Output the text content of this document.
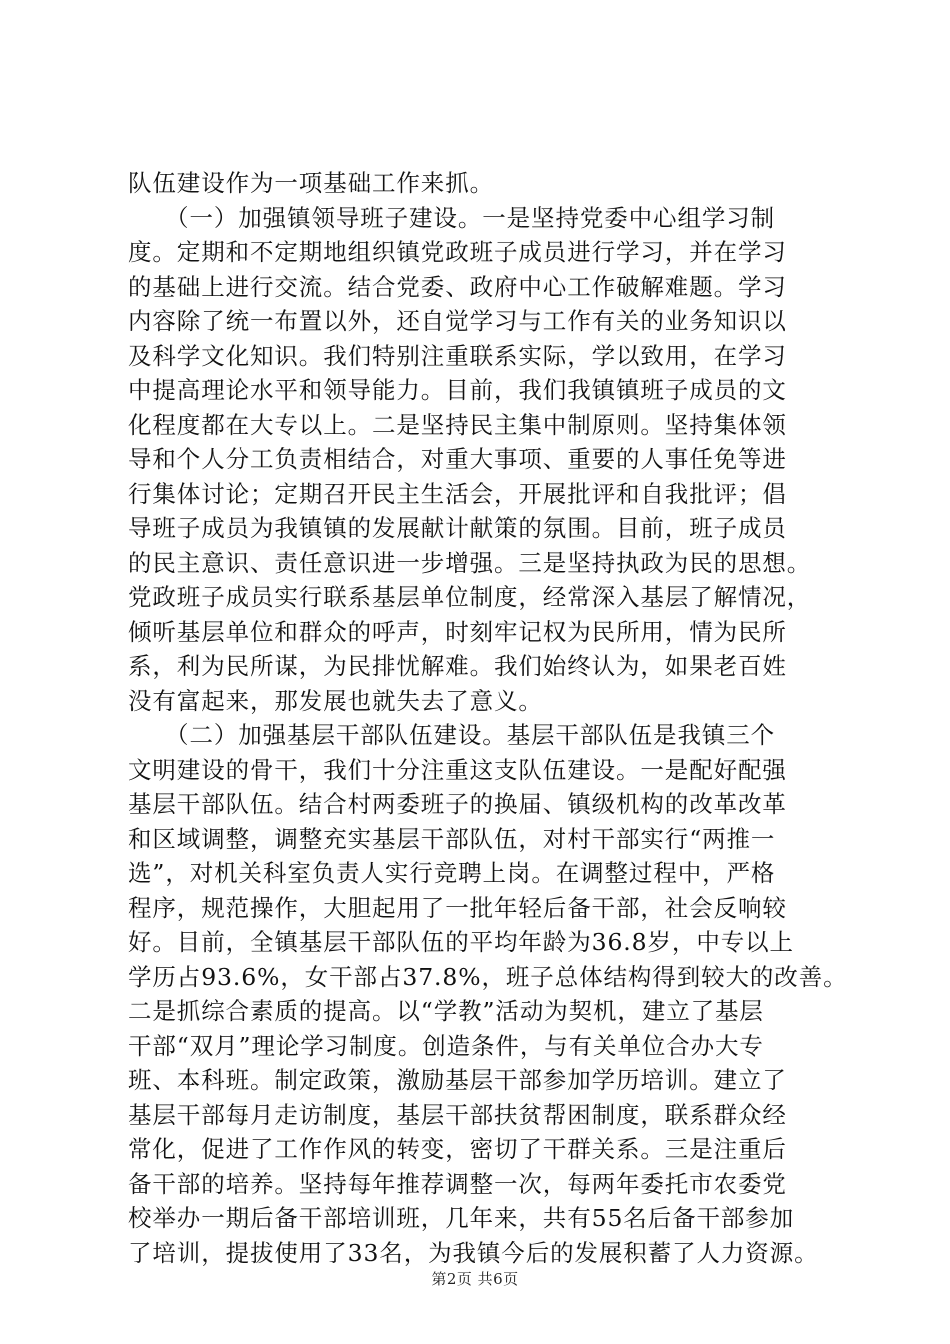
队伍建设作为一项基础工作来抓。
　　（一）加强镇领导班子建设。一是坚持党委中心组学习制
度。定期和不定期地组织镇党政班子成员进行学习，并在学习
的基础上进行交流。结合党委、政府中心工作破解难题。学习
内容除了统一布置以外，还自觉学习与工作有关的业务知识以
及科学文化知识。我们特别注重联系实际，学以致用，在学习
中提高理论水平和领导能力。目前，我们我镇镇班子成员的文
化程度都在大专以上。二是坚持民主集中制原则。坚持集体领
导和个人分工负责相结合，对重大事项、重要的人事任免等进
行集体讨论；定期召开民主生活会，开展批评和自我批评；倡
导班子成员为我镇镇的发展献计献策的氛围。目前，班子成员
的民主意识、责任意识进一步增强。三是坚持执政为民的思想。
党政班子成员实行联系基层单位制度，经常深入基层了解情况，
倾听基层单位和群众的呼声，时刻牢记权为民所用，情为民所
系，利为民所谋，为民排忧解难。我们始终认为，如果老百姓
没有富起来，那发展也就失去了意义。
　　（二）加强基层干部队伍建设。基层干部队伍是我镇三个
文明建设的骨干，我们十分注重这支队伍建设。一是配好配强
基层干部队伍。结合村两委班子的换届、镇级机构的改革改革
和区域调整，调整充实基层干部队伍，对村干部实行“两推一
选”，对机关科室负责人实行竞聘上岗。在调整过程中，严格
程序，规范操作，大胆起用了一批年轻后备干部，社会反响较
好。目前，全镇基层干部队伍的平均年龄为36.8岁，中专以上
学历占93.6%，女干部占37.8%，班子总体结构得到较大的改善。
二是抓综合素质的提高。以“学教”活动为契机，建立了基层
干部“双月”理论学习制度。创造条件，与有关单位合办大专
班、本科班。制定政策，激励基层干部参加学历培训。建立了
基层干部每月走访制度，基层干部扶贫帮困制度，联系群众经
常化，促进了工作作风的转变，密切了干群关系。三是注重后
备干部的培养。坚持每年推荐调整一次，每两年委托市农委党
校举办一期后备干部培训班，几年来，共有55名后备干部参加
了培训，提拔使用了33名，为我镇今后的发展积蓄了人力资源。
第2页 共6页
